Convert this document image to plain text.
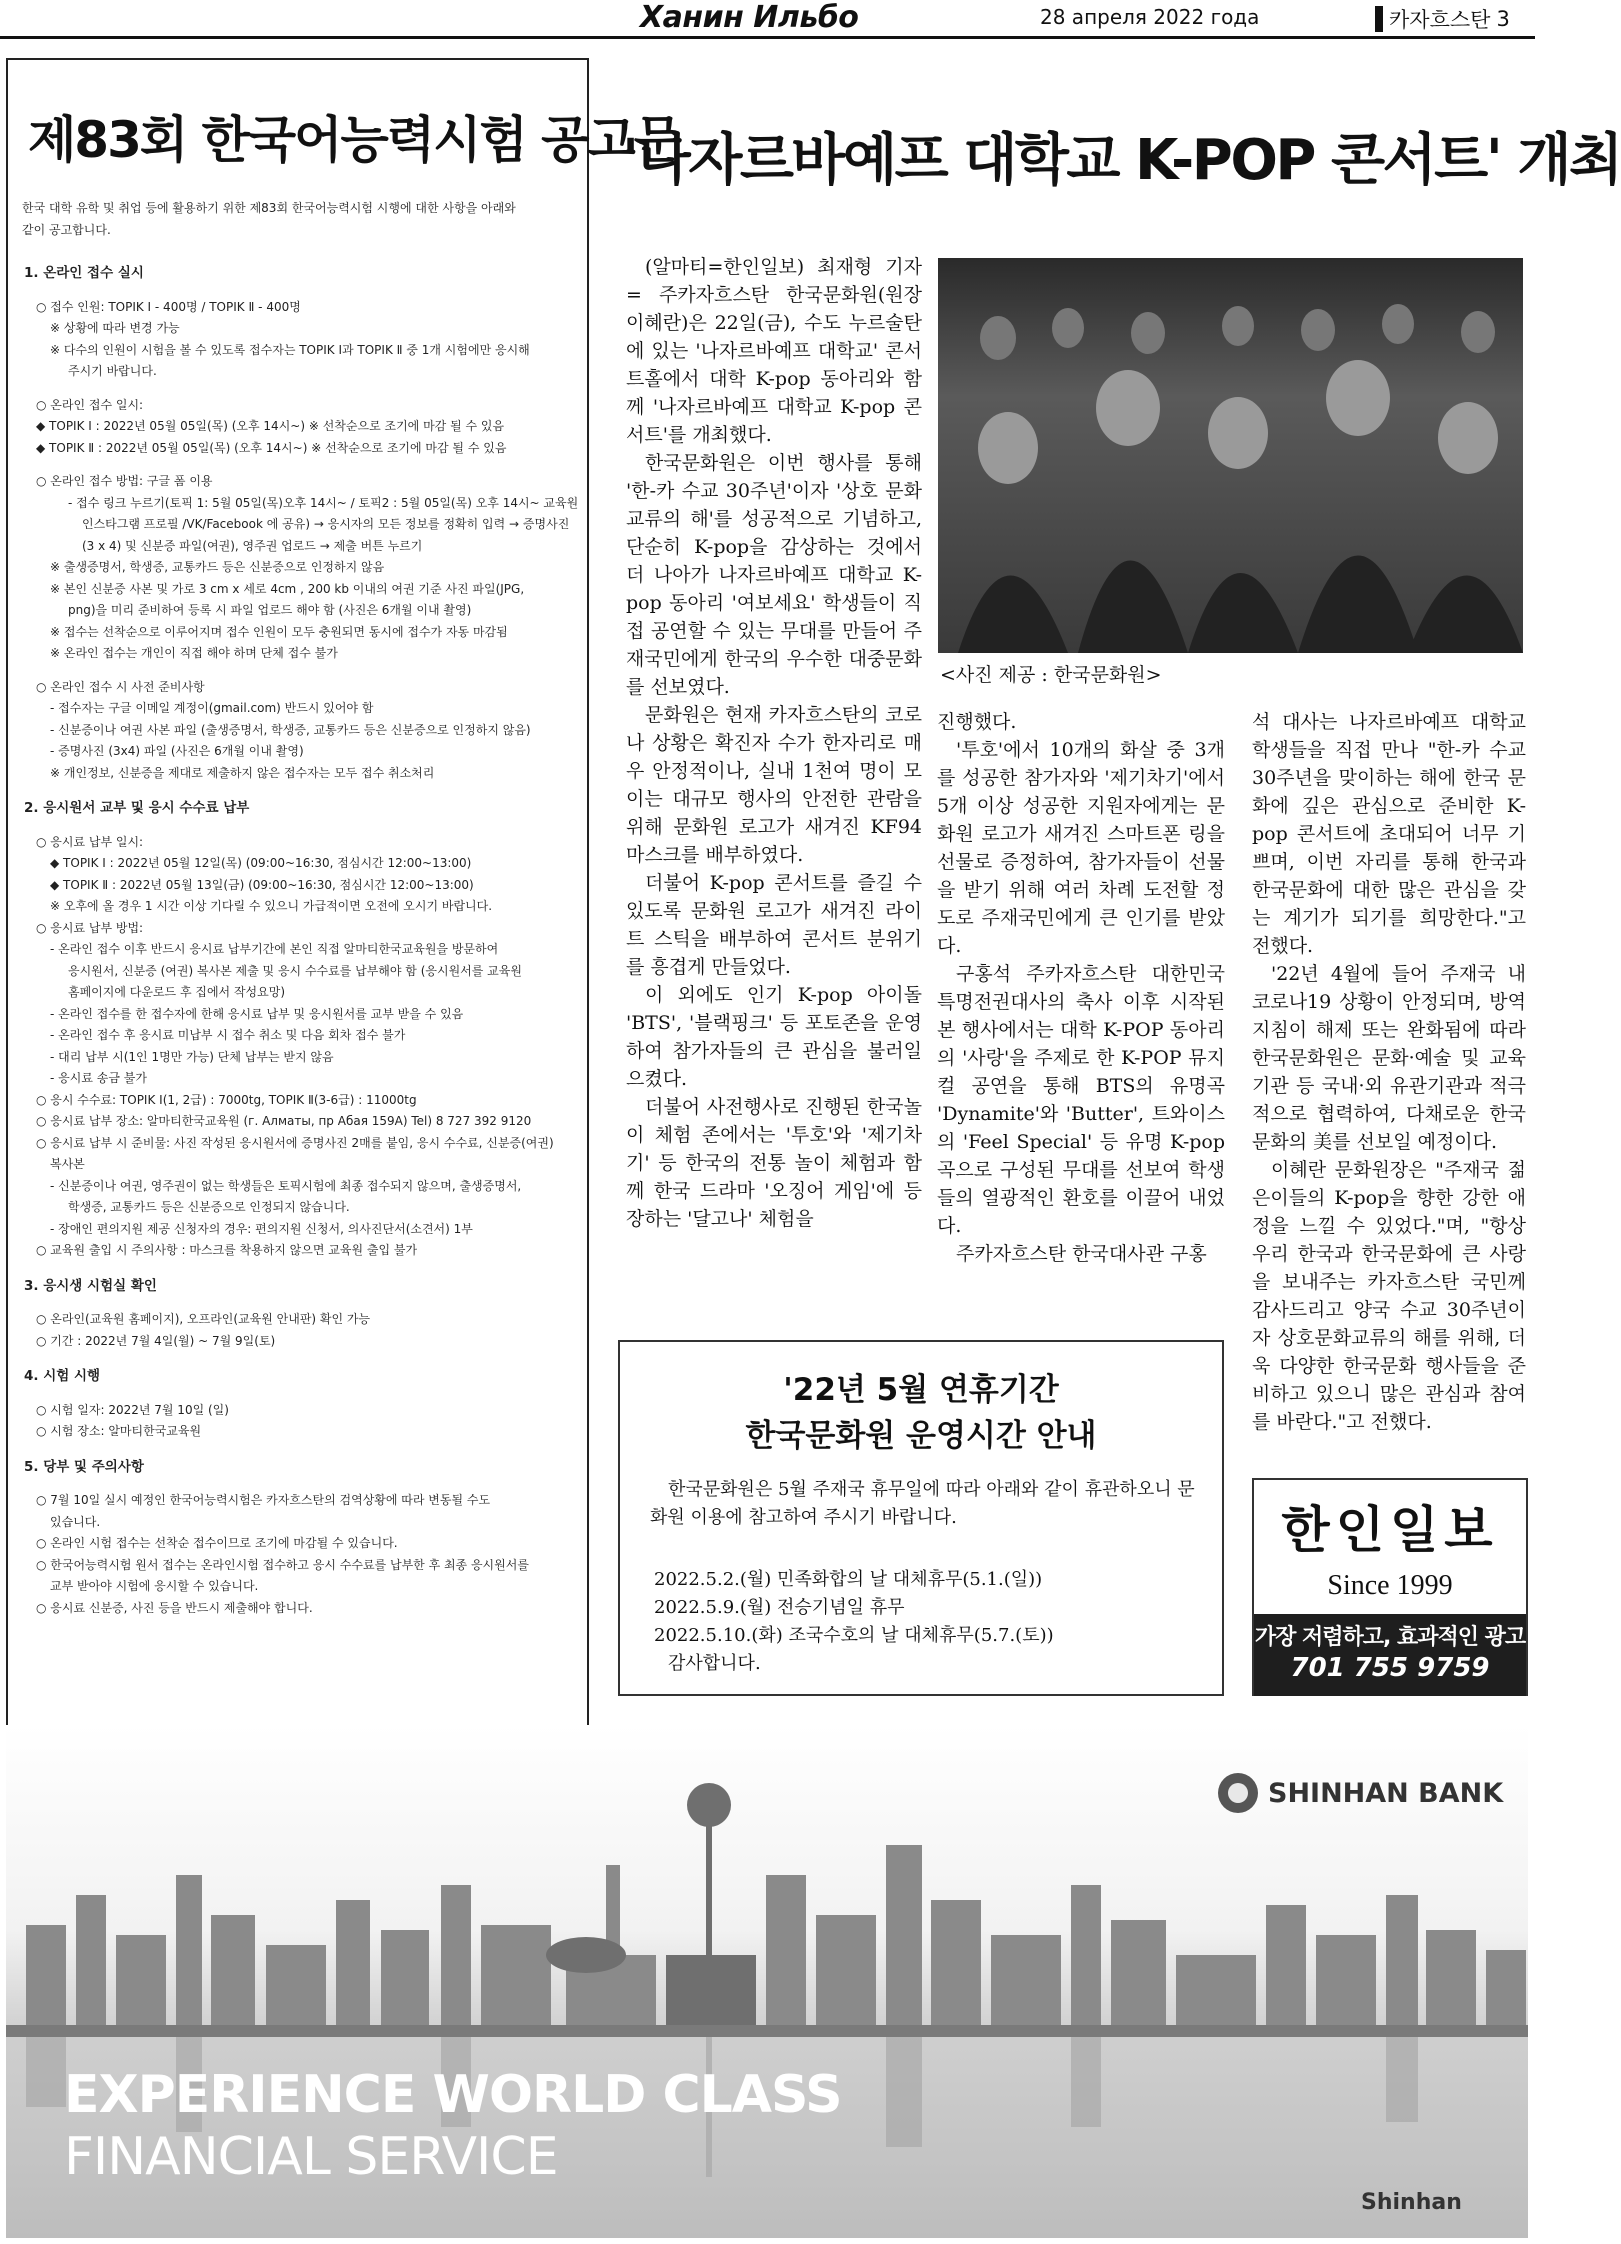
Ханин Ильбо	28 апреля 2022 года	카자흐스탄 3
제83회 한국어능력시험 공고문
한국 대학 유학 및 취업 등에 활용하기 위한 제83회 한국어능력시험 시행에 대한 사항을 아래와
같이 공고합니다.
1. 온라인 접수 실시
○ 접수 인원: TOPIK Ⅰ - 400명 / TOPIK Ⅱ - 400명
※ 상황에 따라 변경 가능
※ 다수의 인원이 시험을 볼 수 있도록 접수자는 TOPIK Ⅰ과 TOPIK Ⅱ 중 1개 시험에만 응시해
주시기 바랍니다.
○ 온라인 접수 일시:
◆ TOPIK Ⅰ : 2022년 05월 05일(목) (오후 14시~) ※ 선착순으로 조기에 마감 될 수 있음
◆ TOPIK Ⅱ : 2022년 05월 05일(목) (오후 14시~) ※ 선착순으로 조기에 마감 될 수 있음
○ 온라인 접수 방법: 구글 폼 이용
- 접수 링크 누르기(토픽 1: 5월 05일(목)오후 14시~ / 토픽2 : 5월 05일(목) 오후 14시~ 교육원
인스타그램 프로필 /VK/Facebook 에 공유) → 응시자의 모든 정보를 정확히 입력 → 증명사진
(3 x 4) 및 신분증 파일(여권), 영주권 업로드 → 제출 버튼 누르기
※ 출생증명서, 학생증, 교통카드 등은 신분증으로 인정하지 않음
※ 본인 신분증 사본 및 가로 3 cm x 세로 4cm , 200 kb 이내의 여권 기준 사진 파일(JPG,
png)을 미리 준비하여 등록 시 파일 업로드 해야 함 (사진은 6개월 이내 촬영)
※ 접수는 선착순으로 이루어지며 접수 인원이 모두 충원되면 동시에 접수가 자동 마감됨
※ 온라인 접수는 개인이 직접 해야 하며 단체 접수 불가
○ 온라인 접수 시 사전 준비사항
- 접수자는 구글 이메일 계정이(gmail.com) 반드시 있어야 함
- 신분증이나 여권 사본 파일 (출생증명서, 학생증, 교통카드 등은 신분증으로 인정하지 않음)
- 증명사진 (3x4) 파일 (사진은 6개월 이내 촬영)
※ 개인정보, 신분증을 제대로 제출하지 않은 접수자는 모두 접수 취소처리
2. 응시원서 교부 및 응시 수수료 납부
○ 응시료 납부 일시:
◆ TOPIK Ⅰ : 2022년 05월 12일(목) (09:00~16:30, 점심시간 12:00~13:00)
◆ TOPIK Ⅱ : 2022년 05월 13일(금) (09:00~16:30, 점심시간 12:00~13:00)
※ 오후에 올 경우 1 시간 이상 기다릴 수 있으니 가급적이면 오전에 오시기 바랍니다.
○ 응시료 납부 방법:
- 온라인 접수 이후 반드시 응시료 납부기간에 본인 직접 알마티한국교육원을 방문하여
응시원서, 신분증 (여권) 복사본 제출 및 응시 수수료를 납부해야 함 (응시원서를 교육원
홈페이지에 다운로드 후 집에서 작성요망)
- 온라인 접수를 한 접수자에 한해 응시료 납부 및 응시원서를 교부 받을 수 있음
- 온라인 접수 후 응시료 미납부 시 접수 취소 및 다음 회차 접수 불가
- 대리 납부 시(1인 1명만 가능) 단체 납부는 받지 않음
- 응시료 송금 불가
○ 응시 수수료: TOPIK Ⅰ(1, 2급) : 7000tg, TOPIK Ⅱ(3-6급) : 11000tg
○ 응시료 납부 장소: 알마티한국교육원 (г. Алматы, пр Абая 159А) Tel) 8 727 392 9120
○ 응시료 납부 시 준비물: 사진 작성된 응시원서에 증명사진 2매를 붙임, 응시 수수료, 신분증(여권)
복사본
- 신분증이나 여권, 영주권이 없는 학생들은 토픽시험에 최종 접수되지 않으며, 출생증명서,
학생증, 교통카드 등은 신분증으로 인정되지 않습니다.
- 장애인 편의지원 제공 신청자의 경우: 편의지원 신청서, 의사진단서(소견서) 1부
○ 교육원 출입 시 주의사항 : 마스크를 착용하지 않으면 교육원 출입 불가
3. 응시생 시험실 확인
○ 온라인(교육원 홈페이지), 오프라인(교육원 안내판) 확인 가능
○ 기간 : 2022년 7월 4일(월) ~ 7월 9일(토)
4. 시험 시행
○ 시험 일자: 2022년 7월 10일 (일)
○ 시험 장소: 알마티한국교육원
5. 당부 및 주의사항
○ 7월 10일 실시 예정인 한국어능력시험은 카자흐스탄의 검역상황에 따라 변동될 수도
있습니다.
○ 온라인 시험 접수는 선착순 접수이므로 조기에 마감될 수 있습니다.
○ 한국어능력시험 원서 접수는 온라인시험 접수하고 응시 수수료를 납부한 후 최종 응시원서를
교부 받아야 시험에 응시할 수 있습니다.
○ 응시료 신분증, 사진 등을 반드시 제출해야 합니다.
'나자르바예프 대학교 K-POP 콘서트' 개최
<사진 제공 : 한국문화원>

(알마티=한인일보) 최재형 기자 = 주카자흐스탄 한국문화원(원장 이혜란)은 22일(금), 수도 누르술탄에 있는 '나자르바예프 대학교' 콘서트홀에서 대학 K-pop 동아리와 함께 '나자르바예프 대학교 K-pop 콘서트'를 개최했다.

한국문화원은 이번 행사를 통해 '한-카 수교 30주년'이자 '상호 문화교류의 해'를 성공적으로 기념하고, 단순히 K-pop을 감상하는 것에서 더 나아가 나자르바예프 대학교 K-pop 동아리 '여보세요' 학생들이 직접 공연할 수 있는 무대를 만들어 주재국민에게 한국의 우수한 대중문화를 선보였다.

문화원은 현재 카자흐스탄의 코로나 상황은 확진자 수가 한자리로 매우 안정적이나, 실내 1천여 명이 모이는 대규모 행사의 안전한 관람을 위해 문화원 로고가 새겨진 KF94 마스크를 배부하였다.

더불어 K-pop 콘서트를 즐길 수 있도록 문화원 로고가 새겨진 라이트 스틱을 배부하여 콘서트 분위기를 흥겹게 만들었다.

이 외에도 인기 K-pop 아이돌 'BTS', '블랙핑크' 등 포토존을 운영하여 참가자들의 큰 관심을 불러일으켰다.

더불어 사전행사로 진행된 한국놀이 체험 존에서는 '투호'와 '제기차기' 등 한국의 전통 놀이 체험과 함께 한국 드라마 '오징어 게임'에 등장하는 '달고나' 체험을

진행했다.

'투호'에서 10개의 화살 중 3개를 성공한 참가자와 '제기차기'에서 5개 이상 성공한 지원자에게는 문화원 로고가 새겨진 스마트폰 링을 선물로 증정하여, 참가자들이 선물을 받기 위해 여러 차례 도전할 정도로 주재국민에게 큰 인기를 받았다.

구홍석 주카자흐스탄 대한민국 특명전권대사의 축사 이후 시작된 본 행사에서는 대학 K-POP 동아리의 '사랑'을 주제로 한 K-POP 뮤지컬 공연을 통해 BTS의 유명곡 'Dynamite'와 'Butter', 트와이스의 'Feel Special' 등 유명 K-pop 곡으로 구성된 무대를 선보여 학생들의 열광적인 환호를 이끌어 내었다.

주카자흐스탄 한국대사관 구홍

석 대사는 나자르바예프 대학교 학생들을 직접 만나 "한-카 수교 30주년을 맞이하는 해에 한국 문화에 깊은 관심으로 준비한 K-pop 콘서트에 초대되어 너무 기쁘며, 이번 자리를 통해 한국과 한국문화에 대한 많은 관심을 갖는 계기가 되기를 희망한다."고 전했다.

'22년 4월에 들어 주재국 내 코로나19 상황이 안정되며, 방역지침이 해제 또는 완화됨에 따라 한국문화원은 문화·예술 및 교육기관 등 국내·외 유관기관과 적극적으로 협력하여, 다채로운 한국문화의 美를 선보일 예정이다.

이혜란 문화원장은 "주재국 젊은이들의 K-pop을 향한 강한 애정을 느낄 수 있었다."며, "항상 우리 한국과 한국문화에 큰 사랑을 보내주는 카자흐스탄 국민께 감사드리고 양국 수교 30주년이자 상호문화교류의 해를 위해, 더욱 다양한 한국문화 행사들을 준비하고 있으니 많은 관심과 참여를 바란다."고 전했다.

'22년 5월 연휴기간
한국문화원 운영시간 안내
한국문화원은 5월 주재국 휴무일에 따라 아래와 같이 휴관하오니 문화원 이용에 참고하여 주시기 바랍니다.
2022.5.2.(월) 민족화합의 날 대체휴무(5.1.(일))
2022.5.9.(월) 전승기념일 휴무
2022.5.10.(화) 조국수호의 날 대체휴무(5.7.(토))
감사합니다.
한인일보
Since 1999
가장 저렴하고, 효과적인 광고
701 755 9759
SHINHAN BANK
EXPERIENCE WORLD CLASS
FINANCIAL SERVICE
Shinhan
